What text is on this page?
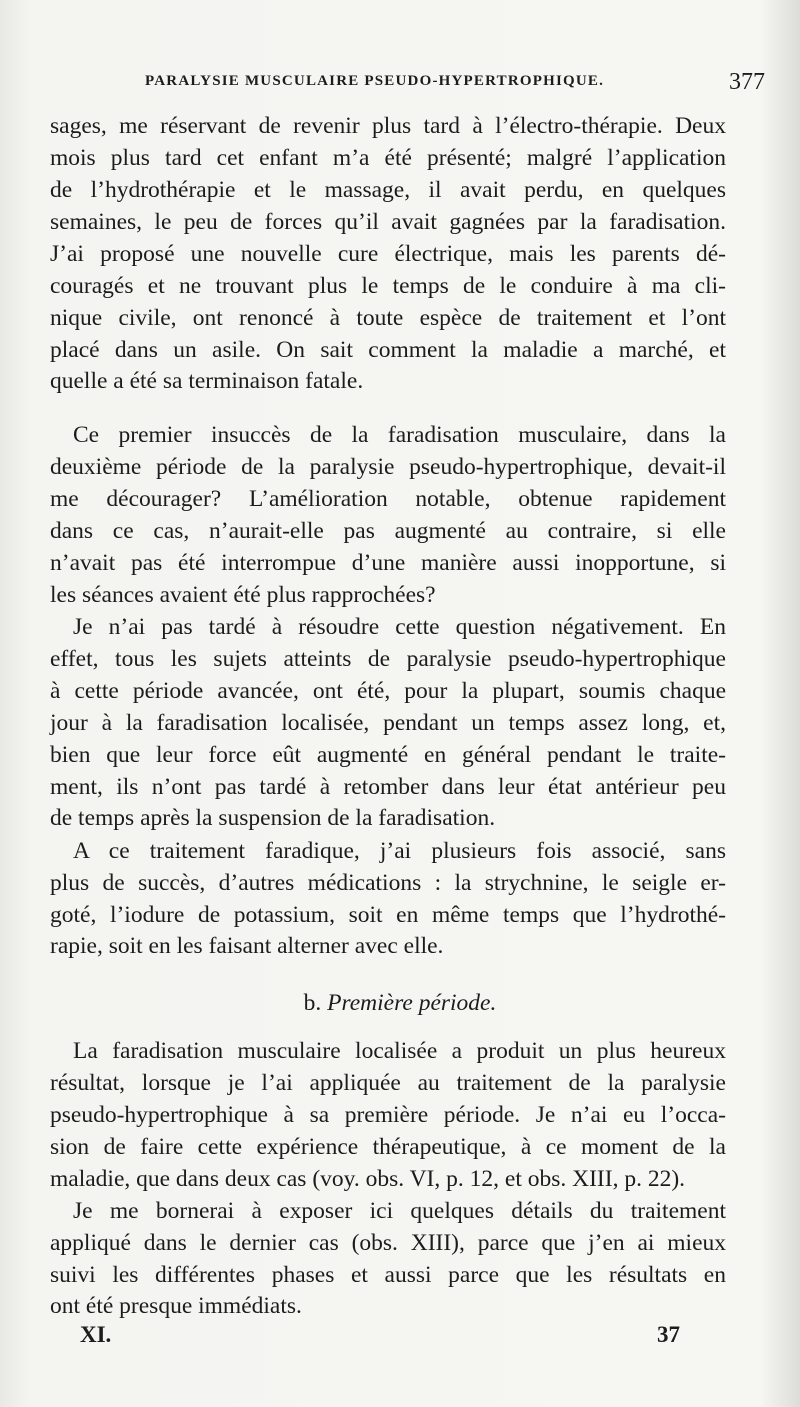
PARALYSIE MUSCULAIRE PSEUDO-HYPERTROPHIQUE.	377
sages, me réservant de revenir plus tard à l’électro-thérapie. Deux
mois plus tard cet enfant m’a été présenté; malgré l’application
de l’hydrothérapie et le massage, il avait perdu, en quelques
semaines, le peu de forces qu’il avait gagnées par la faradisation.
J’ai proposé une nouvelle cure électrique, mais les parents dé-
couragés et ne trouvant plus le temps de le conduire à ma cli-
nique civile, ont renoncé à toute espèce de traitement et l’ont
placé dans un asile. On sait comment la maladie a marché, et
quelle a été sa terminaison fatale.
Ce premier insuccès de la faradisation musculaire, dans la
deuxième période de la paralysie pseudo-hypertrophique, devait-il
me décourager? L’amélioration notable, obtenue rapidement
dans ce cas, n’aurait-elle pas augmenté au contraire, si elle
n’avait pas été interrompue d’une manière aussi inopportune, si
les séances avaient été plus rapprochées?
Je n’ai pas tardé à résoudre cette question négativement. En
effet, tous les sujets atteints de paralysie pseudo-hypertrophique
à cette période avancée, ont été, pour la plupart, soumis chaque
jour à la faradisation localisée, pendant un temps assez long, et,
bien que leur force eût augmenté en général pendant le traite-
ment, ils n’ont pas tardé à retomber dans leur état antérieur peu
de temps après la suspension de la faradisation.
A ce traitement faradique, j’ai plusieurs fois associé, sans
plus de succès, d’autres médications : la strychnine, le seigle er-
goté, l’iodure de potassium, soit en même temps que l’hydrothé-
rapie, soit en les faisant alterner avec elle.
b. Première période.
La faradisation musculaire localisée a produit un plus heureux
résultat, lorsque je l’ai appliquée au traitement de la paralysie
pseudo-hypertrophique à sa première période. Je n’ai eu l’occa-
sion de faire cette expérience thérapeutique, à ce moment de la
maladie, que dans deux cas (voy. obs. VI, p. 12, et obs. XIII, p. 22).
Je me bornerai à exposer ici quelques détails du traitement
appliqué dans le dernier cas (obs. XIII), parce que j’en ai mieux
suivi les différentes phases et aussi parce que les résultats en
ont été presque immédiats.
XI.	37
